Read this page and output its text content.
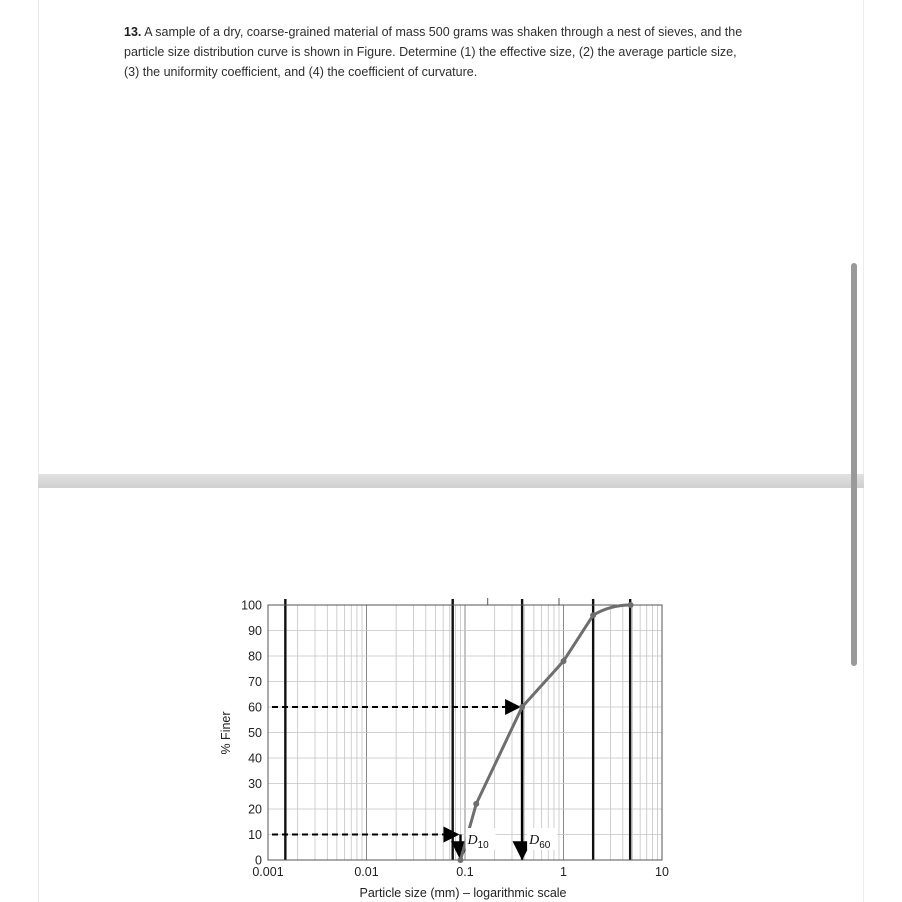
13. A sample of a dry, coarse-grained material of mass 500 grams was shaken through a nest of sieves, and the particle size distribution curve is shown in Figure. Determine (1) the effective size, (2) the average particle size, (3) the uniformity coefficient, and (4) the coefficient of curvature.

0
10
20
30
40
50
60
70
80
90
100
0.001	0.01	0.1	1	10
Particle size (mm) – logarithmic scale
% Finer
$D_{10}$	$D_{60}$
